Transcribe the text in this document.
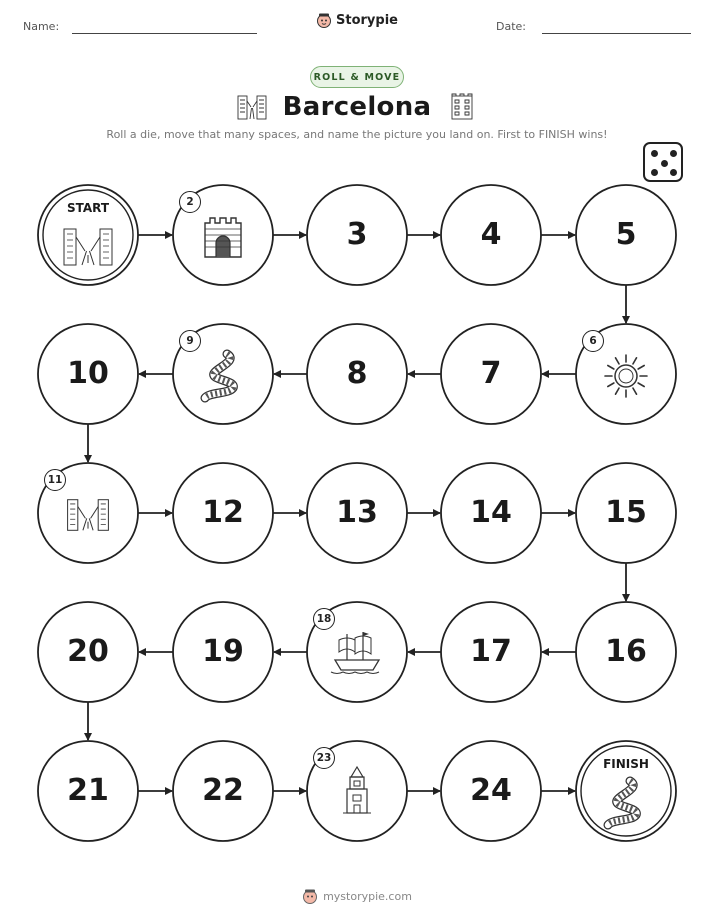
Name:	Storypie	Date:
ROLL & MOVE
Barcelona
Roll a die, move that many spaces, and name the picture you land on. First to FINISH wins!
START	2
3	4	5
6
7
8
9
10
11
12	13	14	15
16
17
18
19
20
21	22
23
24
FINISH
mystorypie.com
